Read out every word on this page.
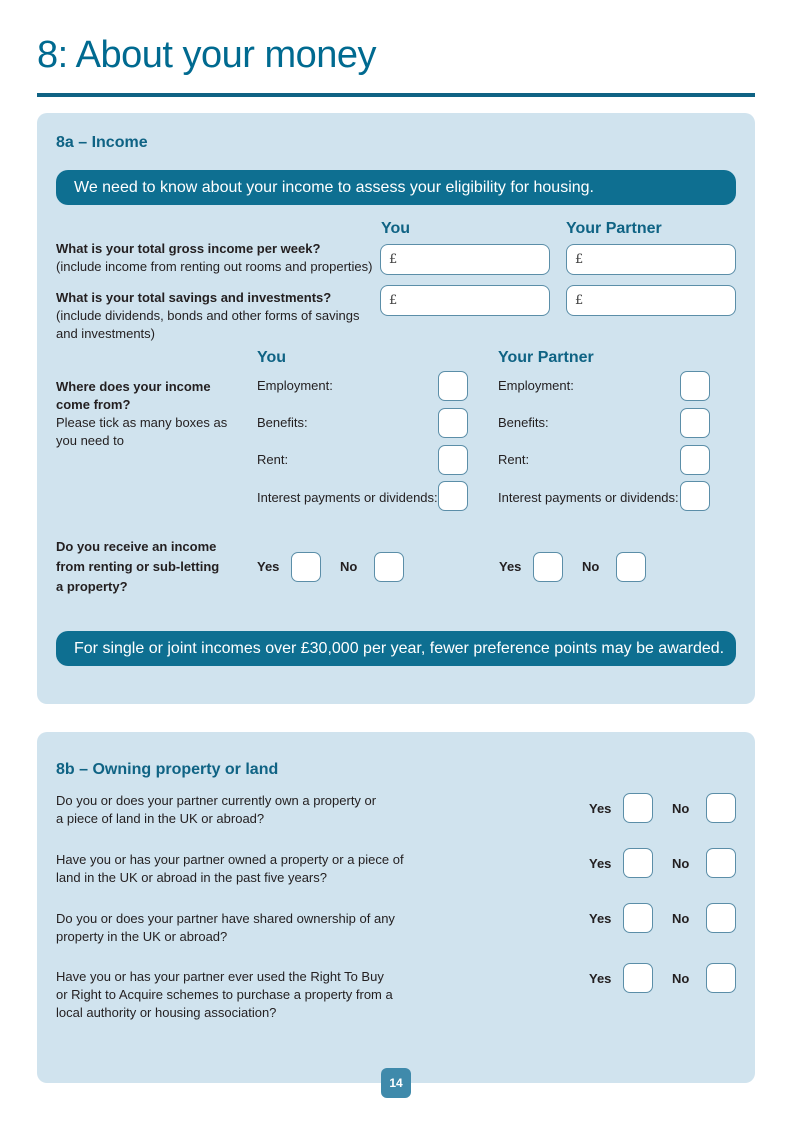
8: About your money
8a – Income
We need to know about your income to assess your eligibility for housing.
You	Your Partner
What is your total gross income per week?
(include income from renting out rooms and properties) £	£
What is your total savings and investments?
(include dividends, bonds and other forms of savings and investments)
£	£
You	Your Partner
Where does your income come from?
Please tick as many boxes as you need to
Employment:
Benefits:
Rent:
Interest payments or dividends:
Employment:
Benefits:
Rent:
Interest payments or dividends:
Do you receive an income from renting or sub-letting a property?
Yes	No	Yes	No
For single or joint incomes over £30,000 per year, fewer preference points may be awarded.
8b – Owning property or land
Do you or does your partner currently own a property or a piece of land in the UK or abroad?
Yes	No
Have you or has your partner owned a property or a piece of land in the UK or abroad in the past five years?
Yes	No
Do you or does your partner have shared ownership of any property in the UK or abroad?
Yes	No
Have you or has your partner ever used the Right To Buy or Right to Acquire schemes to purchase a property from a local authority or housing association?
Yes	No
14
